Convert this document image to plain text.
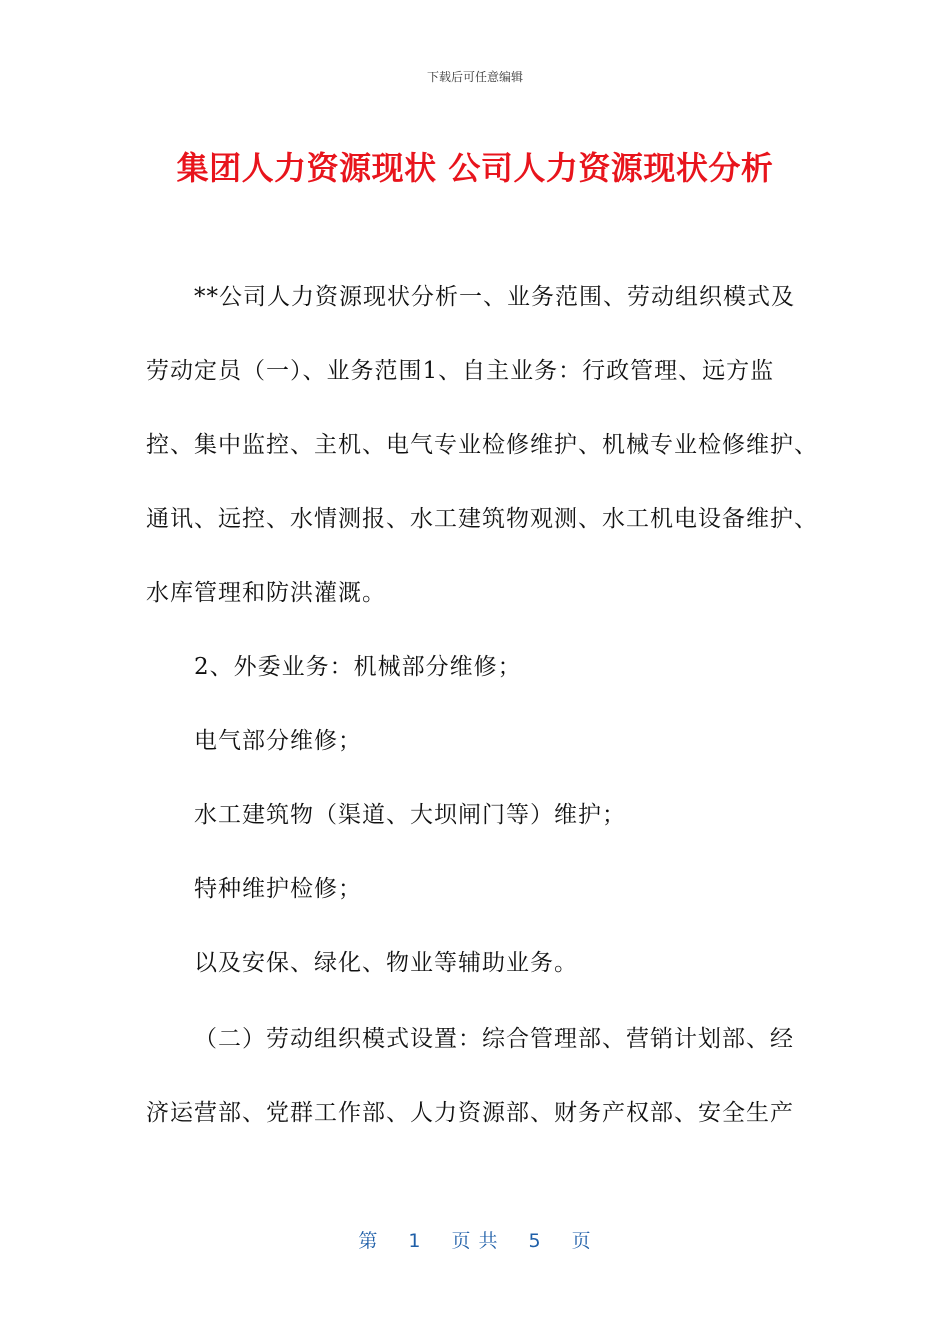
下载后可任意编辑
集团人力资源现状 公司人力资源现状分析
**公司人力资源现状分析一、业务范围、劳动组织模式及
劳动定员（一）、业务范围1、自主业务：行政管理、远方监
控、集中监控、主机、电气专业检修维护、机械专业检修维护、
通讯、远控、水情测报、水工建筑物观测、水工机电设备维护、
水库管理和防洪灌溉。
2、外委业务：机械部分维修；
电气部分维修；
水工建筑物（渠道、大坝闸门等）维护；
特种维护检修；
以及安保、绿化、物业等辅助业务。
（二）劳动组织模式设置：综合管理部、营销计划部、经
济运营部、党群工作部、人力资源部、财务产权部、安全生产
第 1 页 共 5 页
